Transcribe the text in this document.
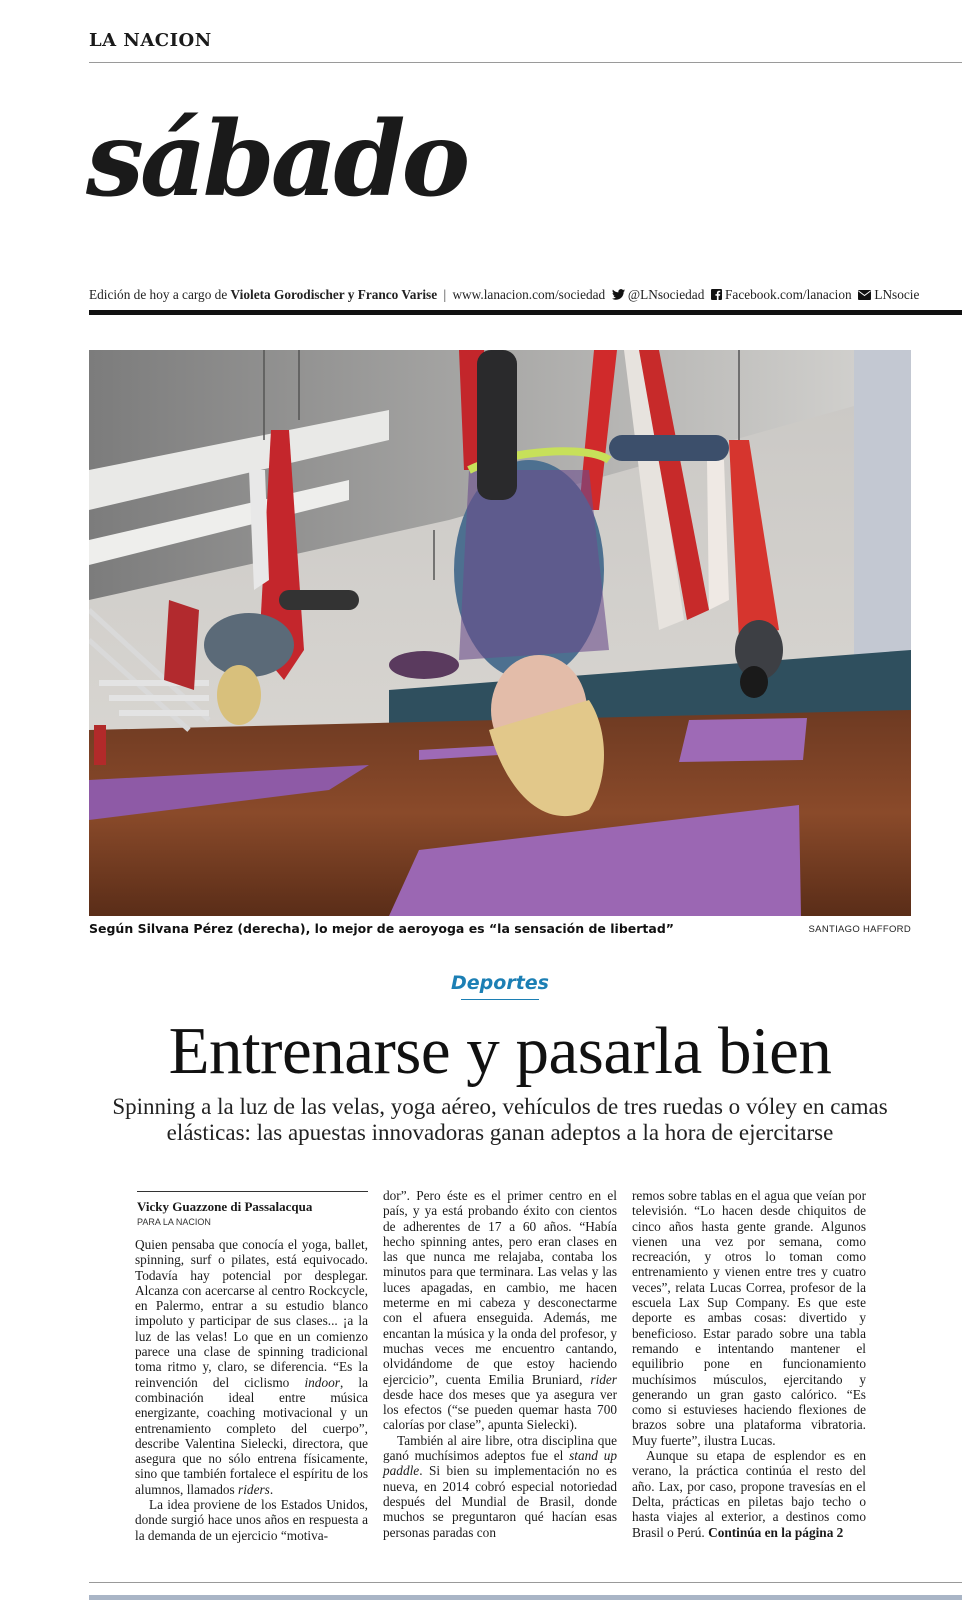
LA NACION
sábado
Edición de hoy a cargo de Violeta Gorodischer y Franco Varise | www.lanacion.com/sociedad @LNsociedad Facebook.com/lanacion LNsocie
Según Silvana Pérez (derecha), lo mejor de aeroyoga es “la sensación de libertad”	SANTIAGO HAFFORD
Deportes
Entrenarse y pasarla bien
Spinning a la luz de las velas, yoga aéreo, vehículos de tres ruedas o vóley en camas elásticas: las apuestas innovadoras ganan adeptos a la hora de ejercitarse
Vicky Guazzone di Passalacqua
PARA LA NACION

Quien pensaba que conocía el yoga, ballet, spinning, surf o pilates, está equivocado. Todavía hay potencial por desplegar. Alcanza con acercarse al centro Rockcycle, en Palermo, entrar a su estudio blanco impoluto y participar de sus clases... ¡a la luz de las velas! Lo que en un comienzo parece una clase de spinning tradicional toma ritmo y, claro, se diferencia. “Es la reinvención del ciclismo indoor, la combinación ideal entre música energizante, coaching motivacional y un entrenamiento completo del cuerpo”, describe Valentina Sielecki, directora, que asegura que no sólo entrena físicamente, sino que también fortalece el espíritu de los alumnos, llamados riders.

La idea proviene de los Estados Unidos, donde surgió hace unos años en respuesta a la demanda de un ejercicio “motiva-

dor”. Pero éste es el primer centro en el país, y ya está probando éxito con cientos de adherentes de 17 a 60 años. “Había hecho spinning antes, pero eran clases en las que nunca me relajaba, contaba los minutos para que terminara. Las velas y las luces apagadas, en cambio, me hacen meterme en mi cabeza y desconectarme con el afuera enseguida. Además, me encantan la música y la onda del profesor, y muchas veces me encuentro cantando, olvidándome de que estoy haciendo ejercicio”, cuenta Emilia Bruniard, rider desde hace dos meses que ya asegura ver los efectos (“se pueden quemar hasta 700 calorías por clase”, apunta Sielecki).

También al aire libre, otra disciplina que ganó muchísimos adeptos fue el stand up paddle. Si bien su implementación no es nueva, en 2014 cobró especial notoriedad después del Mundial de Brasil, donde muchos se preguntaron qué hacían esas personas paradas con

remos sobre tablas en el agua que veían por televisión. “Lo hacen desde chiquitos de cinco años hasta gente grande. Algunos vienen una vez por semana, como recreación, y otros lo toman como entrenamiento y vienen entre tres y cuatro veces”, relata Lucas Correa, profesor de la escuela Lax Sup Company. Es que este deporte es ambas cosas: divertido y beneficioso. Estar parado sobre una tabla remando e intentando mantener el equilibrio pone en funcionamiento muchísimos músculos, ejercitando y generando un gran gasto calórico. “Es como si estuvieses haciendo flexiones de brazos sobre una plataforma vibratoria. Muy fuerte”, ilustra Lucas.

Aunque su etapa de esplendor es en verano, la práctica continúa el resto del año. Lax, por caso, propone travesías en el Delta, prácticas en piletas bajo techo o hasta viajes al exterior, a destinos como Brasil o Perú. Continúa en la página 2
